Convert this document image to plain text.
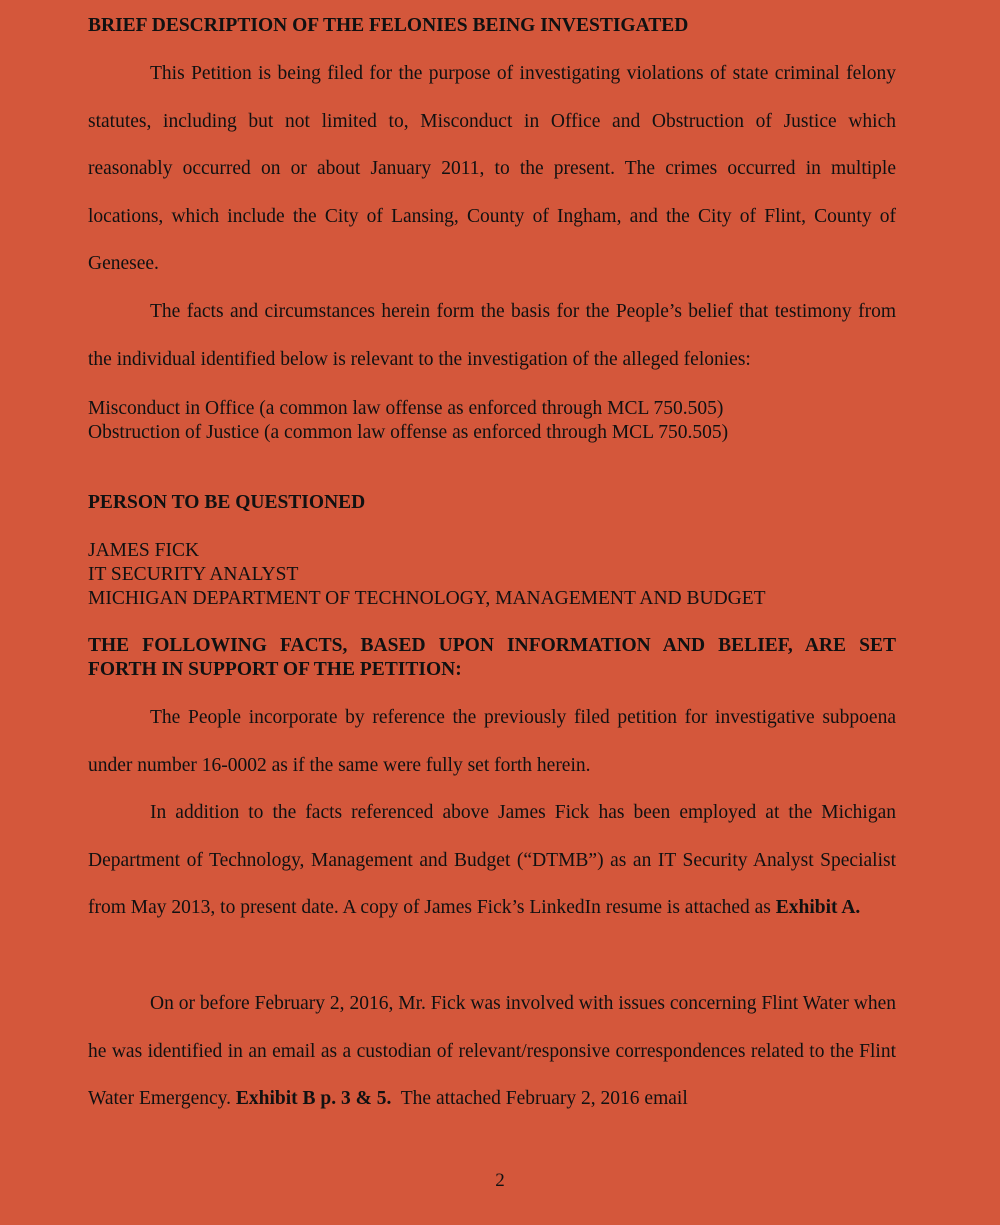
BRIEF DESCRIPTION OF THE FELONIES BEING INVESTIGATED

This Petition is being filed for the purpose of investigating violations of state criminal felony statutes, including but not limited to, Misconduct in Office and Obstruction of Justice which reasonably occurred on or about January 2011, to the present. The crimes occurred in multiple locations, which include the City of Lansing, County of Ingham, and the City of Flint, County of Genesee.

The facts and circumstances herein form the basis for the People’s belief that testimony from the individual identified below is relevant to the investigation of the alleged felonies:

Misconduct in Office (a common law offense as enforced through MCL 750.505)
Obstruction of Justice (a common law offense as enforced through MCL 750.505)
PERSON TO BE QUESTIONED
JAMES FICK
IT SECURITY ANALYST
MICHIGAN DEPARTMENT OF TECHNOLOGY, MANAGEMENT AND BUDGET
THE FOLLOWING FACTS, BASED UPON INFORMATION AND BELIEF, ARE SET
FORTH IN SUPPORT OF THE PETITION:

The People incorporate by reference the previously filed petition for investigative subpoena under number 16-0002 as if the same were fully set forth herein.

In addition to the facts referenced above James Fick has been employed at the Michigan Department of Technology, Management and Budget (“DTMB”) as an IT Security Analyst Specialist from May 2013, to present date. A copy of James Fick’s LinkedIn resume is attached as Exhibit A.

On or before February 2, 2016, Mr. Fick was involved with issues concerning Flint Water when he was identified in an email as a custodian of relevant/responsive correspondences related to the Flint Water Emergency. Exhibit B p. 3 & 5. The attached February 2, 2016 email

2
